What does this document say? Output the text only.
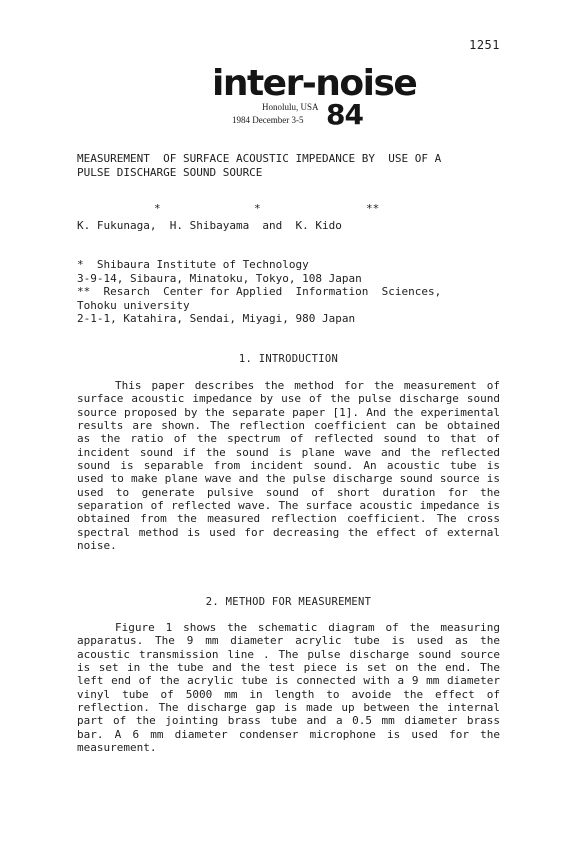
1251
inter-noise
Honolulu, USA
1984 December 3-5 84
MEASUREMENT  OF SURFACE ACOUSTIC IMPEDANCE BY  USE OF A
PULSE DISCHARGE SOUND SOURCE
*	*	**
K. Fukunaga,  H. Shibayama  and  K. Kido
*  Shibaura Institute of Technology
3-9-14, Sibaura, Minatoku, Tokyo, 108 Japan
**  Resarch  Center for Applied  Information  Sciences,
Tohoku university
2-1-1, Katahira, Sendai, Miyagi, 980 Japan
1. INTRODUCTION
This paper describes the method for the measurement of surface acoustic impedance by use of the pulse discharge sound source proposed by the separate paper [1]. And the experimental results are shown. The reflection coefficient can be obtained as the ratio of the spectrum of reflected sound to that of incident sound if the sound is plane wave and the reflected sound is separable from incident sound. An acoustic tube is used to make plane wave and the pulse discharge sound source is used to generate pulsive sound of short duration for the separation of reflected wave. The surface acoustic impedance is obtained from the measured reflection coefficient. The cross spectral method is used for decreasing the effect of external noise.
2. METHOD FOR MEASUREMENT
Figure 1 shows the schematic diagram of the measuring apparatus. The 9 mm diameter acrylic tube is used as the acoustic transmission line . The pulse discharge sound source is set in the tube and the test piece is set on the end. The left end of the acrylic tube is connected with a 9 mm diameter vinyl tube of 5000 mm in length to avoide the effect of reflection. The discharge gap is made up between the internal part of the jointing brass tube and a 0.5 mm diameter brass bar. A 6 mm diameter condenser microphone is used for the measurement.
